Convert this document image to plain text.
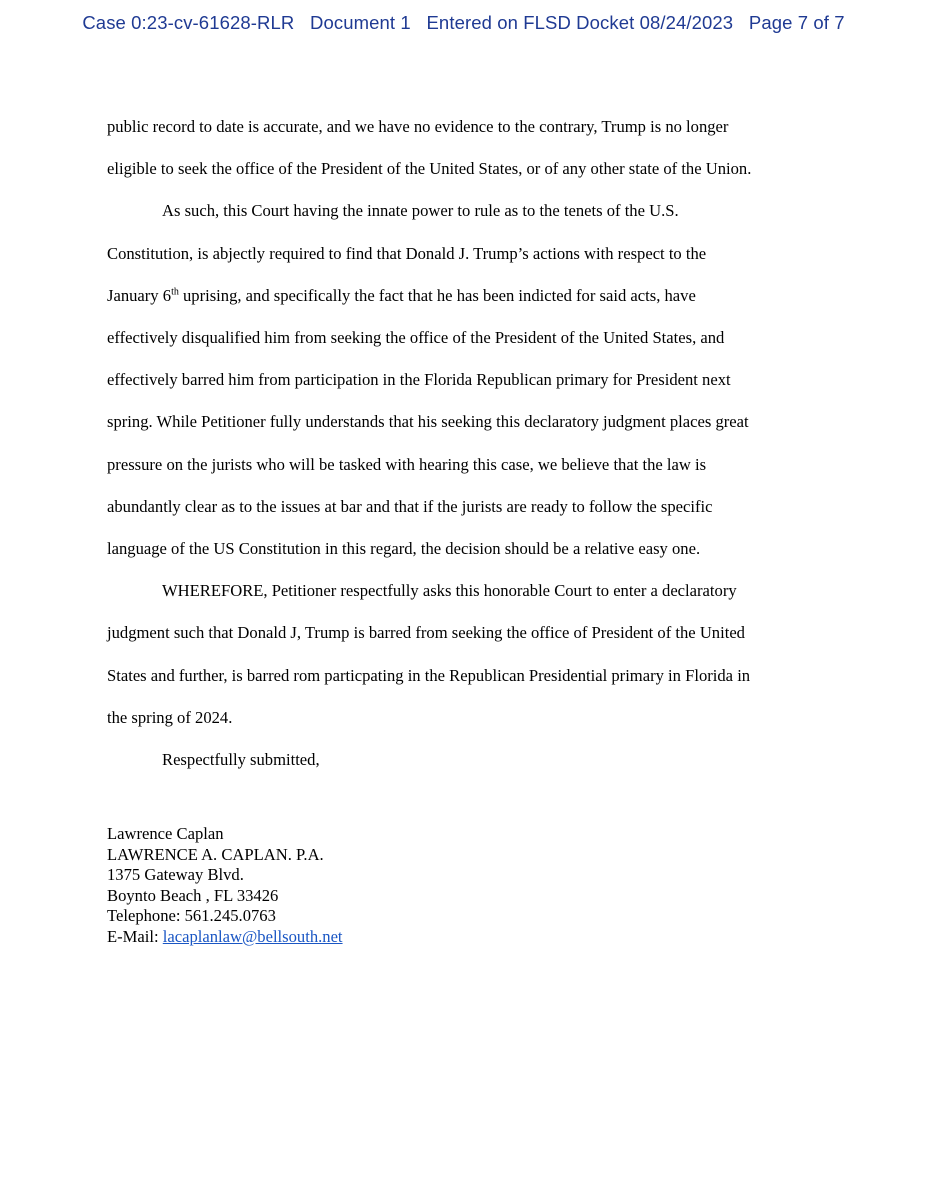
Case 0:23-cv-61628-RLR   Document 1   Entered on FLSD Docket 08/24/2023   Page 7 of 7

public record to date is accurate, and we have no evidence to the contrary, Trump is no longer
eligible to seek the office of the President of the United States, or of any other state of the Union.

As such, this Court having the innate power to rule as to the tenets of the U.S.
Constitution, is abjectly required to find that Donald J. Trump’s actions with respect to the
January 6th uprising, and specifically the fact that he has been indicted for said acts, have
effectively disqualified him from seeking the office of the President of the United States, and
effectively barred him from participation in the Florida Republican primary for President next
spring. While Petitioner fully understands that his seeking this declaratory judgment places great
pressure on the jurists who will be tasked with hearing this case, we believe that the law is
abundantly clear as to the issues at bar and that if the jurists are ready to follow the specific
language of the US Constitution in this regard, the decision should be a relative easy one.

WHEREFORE, Petitioner respectfully asks this honorable Court to enter a declaratory
judgment such that Donald J, Trump is barred from seeking the office of President of the United
States and further, is barred rom particpating in the Republican Presidential primary in Florida in
the spring of 2024.

Respectfully submitted,

Lawrence Caplan
LAWRENCE A. CAPLAN. P.A.
1375 Gateway Blvd.
Boynto Beach , FL 33426
Telephone: 561.245.0763
E-Mail: lacaplanlaw@bellsouth.net
